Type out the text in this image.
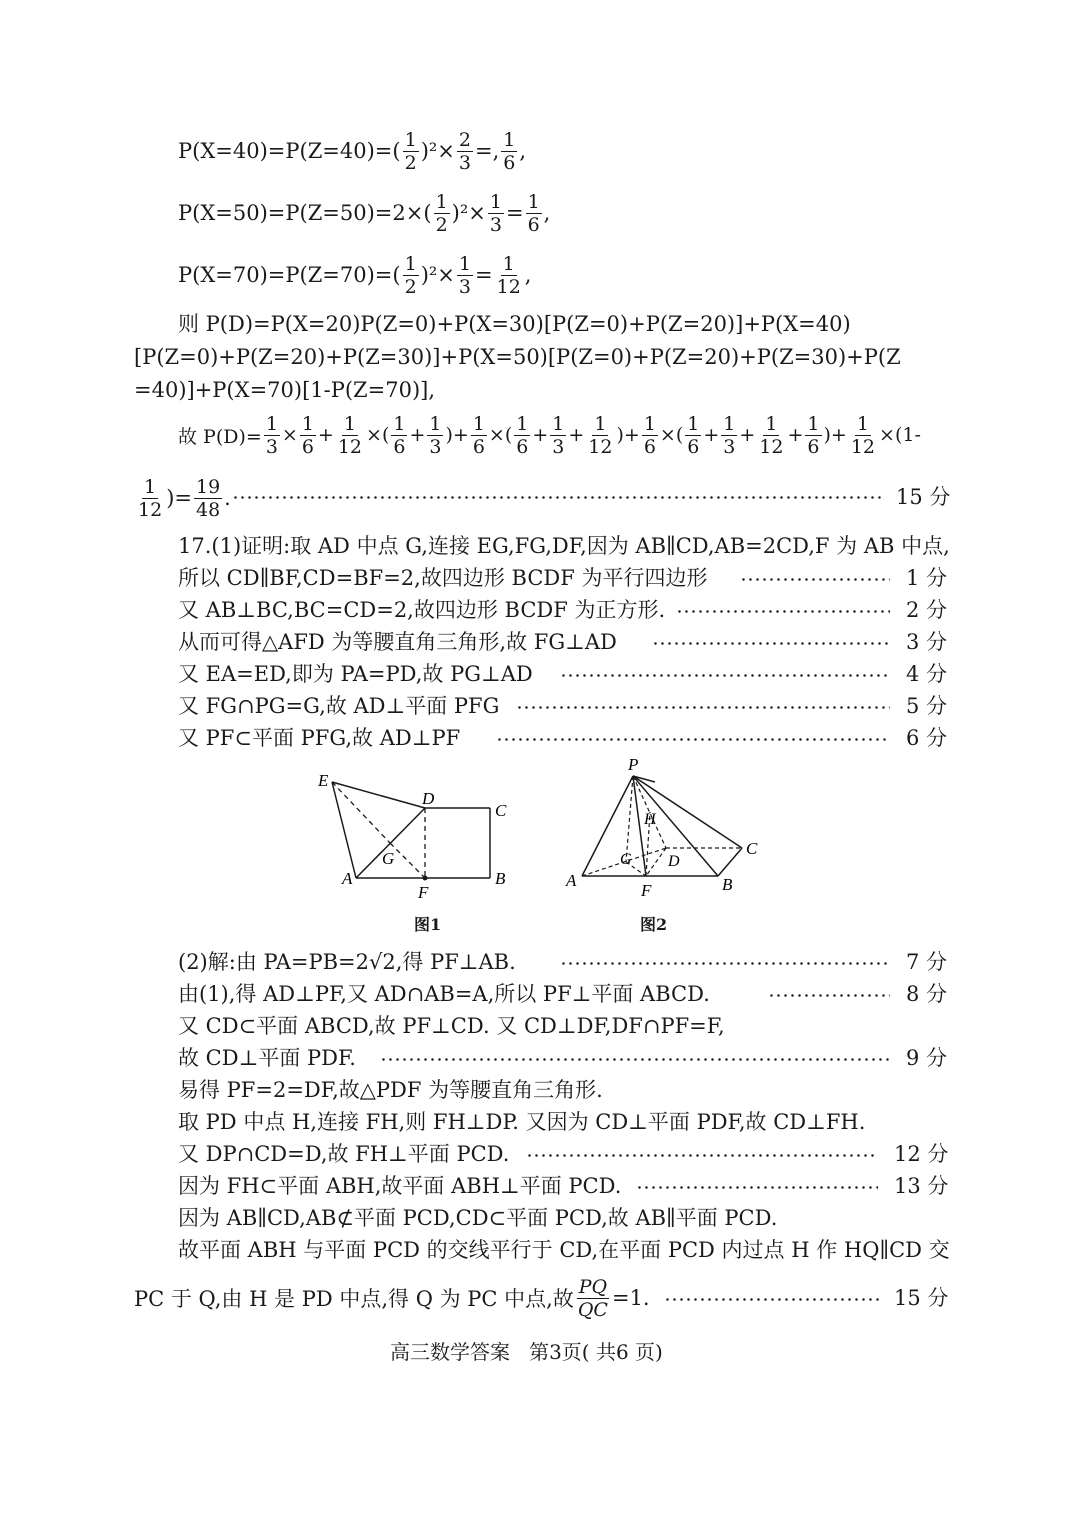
P(X=40)=P(Z=40)=( 1
2 )$^2\times \frac{2}{3}$ =, 1
6 ,
P(X=50)=P(Z=50)=2×( 1
2 )$^2\times \frac{1}{3} = \frac{1}{6}$ ,
P(X=70)=P(Z=70)=( 1
2 )$^2\times \frac{1}{3} = \frac{1}{12}$ ,
则 P(D)=P(X=20)P(Z=0)+P(X=30)[P(Z=0)+P(Z=20)]+P(X=40)
[P(Z=0)+P(Z=20)+P(Z=30)]+P(X=50)[P(Z=0)+P(Z=20)+P(Z=30)+P(Z
=40)]+P(X=70)[1-P(Z=70)],
故 $P(D)= \frac{1}{3} \times \frac{1}{6} + \frac{1}{12}$ ×(
1
6
+ $\frac{1}{3}$ )+ $\frac{1}{6}$ ×(
1
6
+ $\frac{1}{3} + \frac{1}{12}$ )+ $\frac{1}{6}$ ×(
1
6
+ $\frac{1}{3} + \frac{1}{12} + \frac{1}{6}$ )+ $\frac{1}{12} \times(1-$
1
12 )= $\frac{19}{48}$ .	15 分
17.(1)证明:取 AD 中点 G,连接 EG,FG,DF,因为 AB∥CD,AB=2CD,F 为 AB 中点,
所以 CD∥BF,CD=BF=2,故四边形 BCDF 为平行四边形	1 分
又 AB⊥BC,BC=CD=2,故四边形 BCDF 为正方形.	2 分
从而可得△AFD 为等腰直角三角形,故 FG⊥AD	3 分
又 EA=ED,即为 PA=PD,故 PG⊥AD	4 分
又 FG∩PG=G,故 AD⊥平面 PFG	5 分
又 PF⊂平面 PFG,故 AD⊥PF	6 分
E
D
C
G
A
F
B
图1
P
H
G D
C
A
F	B
图2
(2)解:由 PA=PB=2√2,得 PF⊥AB.	7 分
由(1),得 AD⊥PF,又 AD∩AB=A,所以 PF⊥平面 ABCD.	8 分
又 CD⊂平面 ABCD,故 PF⊥CD. 又 CD⊥DF,DF∩PF=F,
故 CD⊥平面 PDF.	9 分
易得 PF=2=DF,故△PDF 为等腰直角三角形.
取 PD 中点 H,连接 FH,则 FH⊥DP. 又因为 CD⊥平面 PDF,故 CD⊥FH.
又 DP∩CD=D,故 FH⊥平面 PCD.	12 分
因为 FH⊂平面 ABH,故平面 ABH⊥平面 PCD.	13 分
因为 AB∥CD,AB⊄平面 PCD,CD⊂平面 PCD,故 AB∥平面 PCD.
故平面 ABH 与平面 PCD 的交线平行于 CD,在平面 PCD 内过点 H 作 HQ∥CD 交
PC 于 Q,由 H 是 PD 中点,得 Q 为 PC 中点,故 $\frac{PQ}{QC} =1$.	15 分
高三数学答案   第3页( 共6 页)
